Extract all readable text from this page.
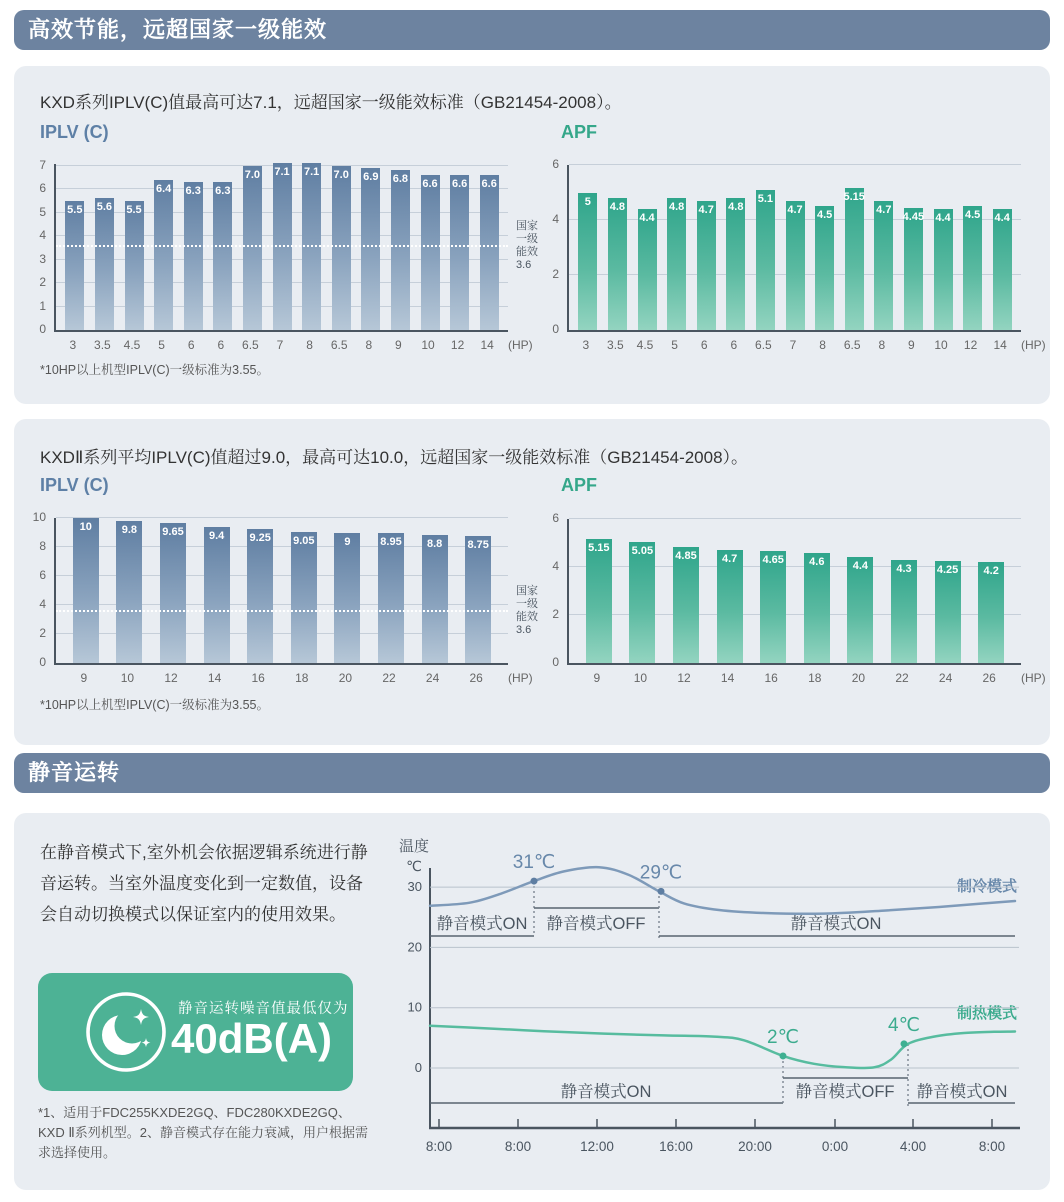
高效节能，远超国家一级能效
KXD系列IPLV(C)值最高可达7.1，远超国家一级能效标准（GB21454-2008）。
IPLV (C)	APF
*10HP以上机型IPLV(C)一级标准为3.55。
5.5 5.6 5.5
6.4 6.3 6.3
7.0 7.1 7.1 7.0 6.9 6.8 6.6 6.6 6.6
0
1
2
3
4
5
6
7
3	3.5	4.5	5	6	6	6.5	7	8	6.5	8	9	10	12	14	(HP)
国家
一级
能效
3.6
5 4.8
4.4
4.8 4.7 4.8
5.1
4.7 4.5
5.15
4.7
4.45 4.4 4.5 4.4
0
2
4
6
3	3.5	4.5	5	6	6	6.5	7	8	6.5	8	9	10	12	14	(HP)
KXDⅡ系列平均IPLV(C)值超过9.0，最高可达10.0，远超国家一级能效标准（GB21454-2008）。
IPLV (C)	APF
*10HP以上机型IPLV(C)一级标准为3.55。
10	9.8 9.65 9.4 9.25 9.05	9	8.95 8.8 8.75
0
2
4
6
8
10
9	10	12	14	16	18	20	22	24	26	(HP)
国家
一级
能效
3.6
5.15 5.05 4.85 4.7 4.65 4.6	4.4	4.3 4.25 4.2
0
2
4
6
9	10	12	14	16	18	20	22	24	26	(HP)
静音运转
在静音模式下,室外机会依据逻辑系统进行静音运转。当室外温度变化到一定数值，设备会自动切换模式以保证室内的使用效果。
静音运转噪音值最低仅为
40dB(A)
*1、适用于FDC255KXDE2GQ、FDC280KXDE2GQ、KXD Ⅱ系列机型。2、静音模式存在能力衰减，用户根据需求选择使用。
温度
℃
静音模式ON 静音模式OFF	静音模式ON
静音模式ON	静音模式OFF 静音模式ON
制冷模式
制热模式
0
10
20
30
8:00	8:00	12:00	16:00	20:00	0:00	4:00	8:00
31℃	29℃
2℃
4℃
